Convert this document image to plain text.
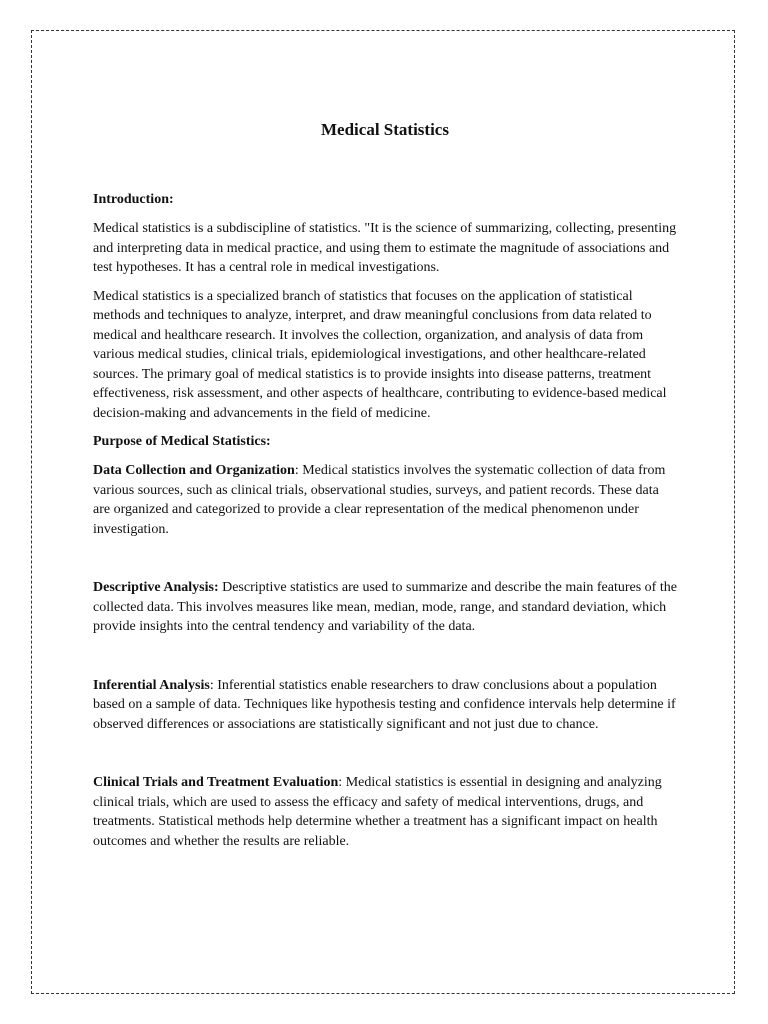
Medical Statistics
Introduction:

Medical statistics is a subdiscipline of statistics. "It is the science of summarizing, collecting, presenting and interpreting data in medical practice, and using them to estimate the magnitude of associations and test hypotheses. It has a central role in medical investigations.

Medical statistics is a specialized branch of statistics that focuses on the application of statistical methods and techniques to analyze, interpret, and draw meaningful conclusions from data related to medical and healthcare research. It involves the collection, organization, and analysis of data from various medical studies, clinical trials, epidemiological investigations, and other healthcare-related sources. The primary goal of medical statistics is to provide insights into disease patterns, treatment effectiveness, risk assessment, and other aspects of healthcare, contributing to evidence-based medical decision-making and advancements in the field of medicine.

Purpose of Medical Statistics:

Data Collection and Organization: Medical statistics involves the systematic collection of data from various sources, such as clinical trials, observational studies, surveys, and patient records. These data are organized and categorized to provide a clear representation of the medical phenomenon under investigation.

Descriptive Analysis: Descriptive statistics are used to summarize and describe the main features of the collected data. This involves measures like mean, median, mode, range, and standard deviation, which provide insights into the central tendency and variability of the data.

Inferential Analysis: Inferential statistics enable researchers to draw conclusions about a population based on a sample of data. Techniques like hypothesis testing and confidence intervals help determine if observed differences or associations are statistically significant and not just due to chance.

Clinical Trials and Treatment Evaluation: Medical statistics is essential in designing and analyzing clinical trials, which are used to assess the efficacy and safety of medical interventions, drugs, and treatments. Statistical methods help determine whether a treatment has a significant impact on health outcomes and whether the results are reliable.
